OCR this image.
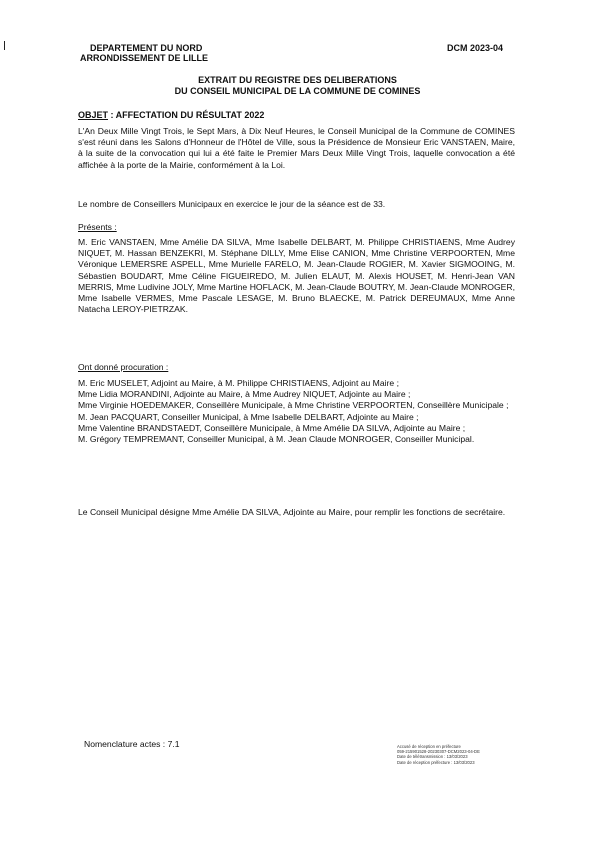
DEPARTEMENT DU NORD
ARRONDISSEMENT DE LILLE
DCM 2023-04
EXTRAIT DU REGISTRE DES DELIBERATIONS
DU CONSEIL MUNICIPAL DE LA COMMUNE DE COMINES
OBJET : AFFECTATION DU RÉSULTAT 2022
L'An Deux Mille Vingt Trois, le Sept Mars, à Dix Neuf Heures, le Conseil Municipal de la Commune de COMINES s'est réuni dans les Salons d'Honneur de l'Hôtel de Ville, sous la Présidence de Monsieur Eric VANSTAEN, Maire, à la suite de la convocation qui lui a été faite le Premier Mars Deux Mille Vingt Trois, laquelle convocation a été affichée à la porte de la Mairie, conformément à la Loi.
Le nombre de Conseillers Municipaux en exercice le jour de la séance est de 33.
Présents :
M. Eric VANSTAEN, Mme Amélie DA SILVA, Mme Isabelle DELBART, M. Philippe CHRISTIAENS, Mme Audrey NIQUET, M. Hassan BENZEKRI, M. Stéphane DILLY, Mme Elise CANION, Mme Christine VERPOORTEN, Mme Véronique LEMERSRE ASPELL, Mme Murielle FARELO, M. Jean-Claude ROGIER, M. Xavier SIGMOOING, M. Sébastien BOUDART, Mme Céline FIGUEIREDO, M. Julien ELAUT, M. Alexis HOUSET, M. Henri-Jean VAN MERRIS, Mme Ludivine JOLY, Mme Martine HOFLACK, M. Jean-Claude BOUTRY, M. Jean-Claude MONROGER, Mme Isabelle VERMES, Mme Pascale LESAGE, M. Bruno BLAECKE, M. Patrick DEREUMAUX, Mme Anne Natacha LEROY-PIETRZAK.
Ont donné procuration :
M. Eric MUSELET, Adjoint au Maire, à M. Philippe CHRISTIAENS, Adjoint au Maire ;
Mme Lidia MORANDINI, Adjointe au Maire, à Mme Audrey NIQUET, Adjointe au Maire ;
Mme Virginie HOEDEMAKER, Conseillère Municipale, à Mme Christine VERPOORTEN, Conseillère Municipale ;
M. Jean PACQUART, Conseiller Municipal, à Mme Isabelle DELBART, Adjointe au Maire ;
Mme Valentine BRANDSTAEDT, Conseillère Municipale, à Mme Amélie DA SILVA, Adjointe au Maire ;
M. Grégory TEMPREMANT, Conseiller Municipal, à M. Jean Claude MONROGER, Conseiller Municipal.
Le Conseil Municipal désigne Mme Amélie DA SILVA, Adjointe au Maire, pour remplir les fonctions de secrétaire.
Nomenclature actes : 7.1	Accusé de réception en préfecture
059-215901528-20230307-DCM2023-04-DE
Date de télétransmission : 13/03/2023
Date de réception préfecture : 13/03/2023
